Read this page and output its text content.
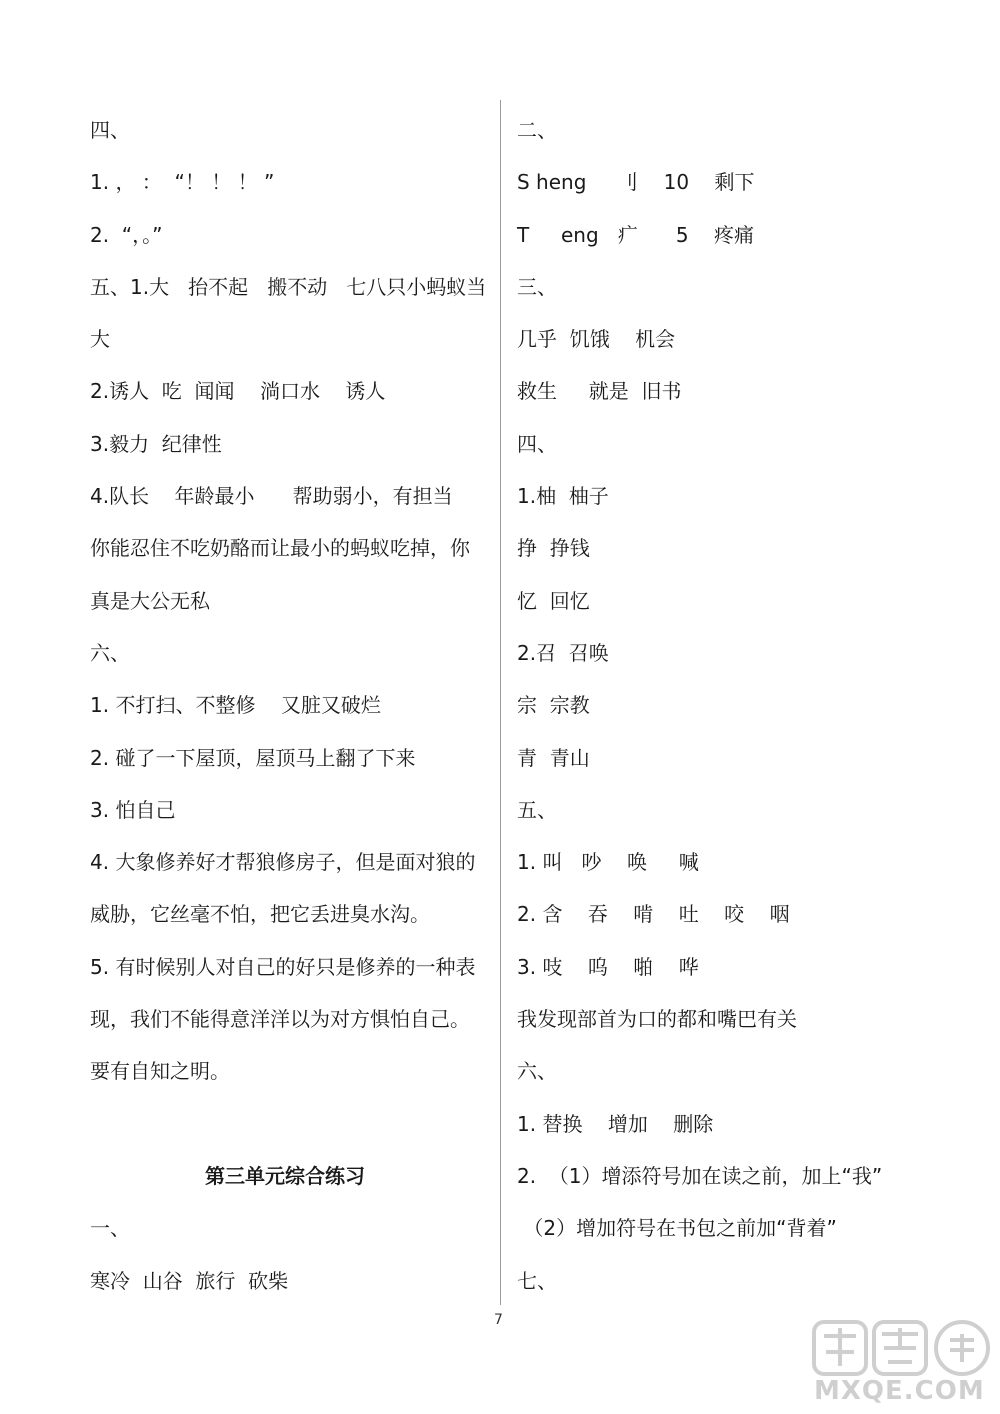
四、
1. ， ：  “！ ！ ！ ”
2.  “，。”
五、1.大   抬不起   搬不动   七八只小蚂蚁当
大
2.诱人  吃  闻闻    淌口水    诱人
3.毅力  纪律性
4.队长    年龄最小      帮助弱小，有担当
你能忍住不吃奶酪而让最小的蚂蚁吃掉，你
真是大公无私
六、
1. 不打扫、不整修    又脏又破烂
2. 碰了一下屋顶，屋顶马上翻了下来
3. 怕自己
4. 大象修养好才帮狼修房子，但是面对狼的
威胁，它丝毫不怕，把它丢进臭水沟。
5. 有时候别人对自己的好只是修养的一种表
现，我们不能得意洋洋以为对方惧怕自己。
要有自知之明。
第三单元综合练习
一、
寒冷  山谷  旅行  砍柴
二、
S heng     刂    10    剩下
T     eng   疒      5    疼痛
三、
几乎  饥饿    机会
救生     就是  旧书
四、
1.柚  柚子
挣  挣钱
忆  回忆
2.召  召唤
宗  宗教
青  青山
五、
1. 叫   吵    唤     喊
2. 含    吞    啃    吐    咬    咽
3. 吱    呜    啪    哗
我发现部首为口的都和嘴巴有关
六、
1. 替换    增加    删除
2.  （1）增添符号加在读之前，加上“我”
（2）增加符号在书包之前加“背着”
七、
7
MXQE.COM
